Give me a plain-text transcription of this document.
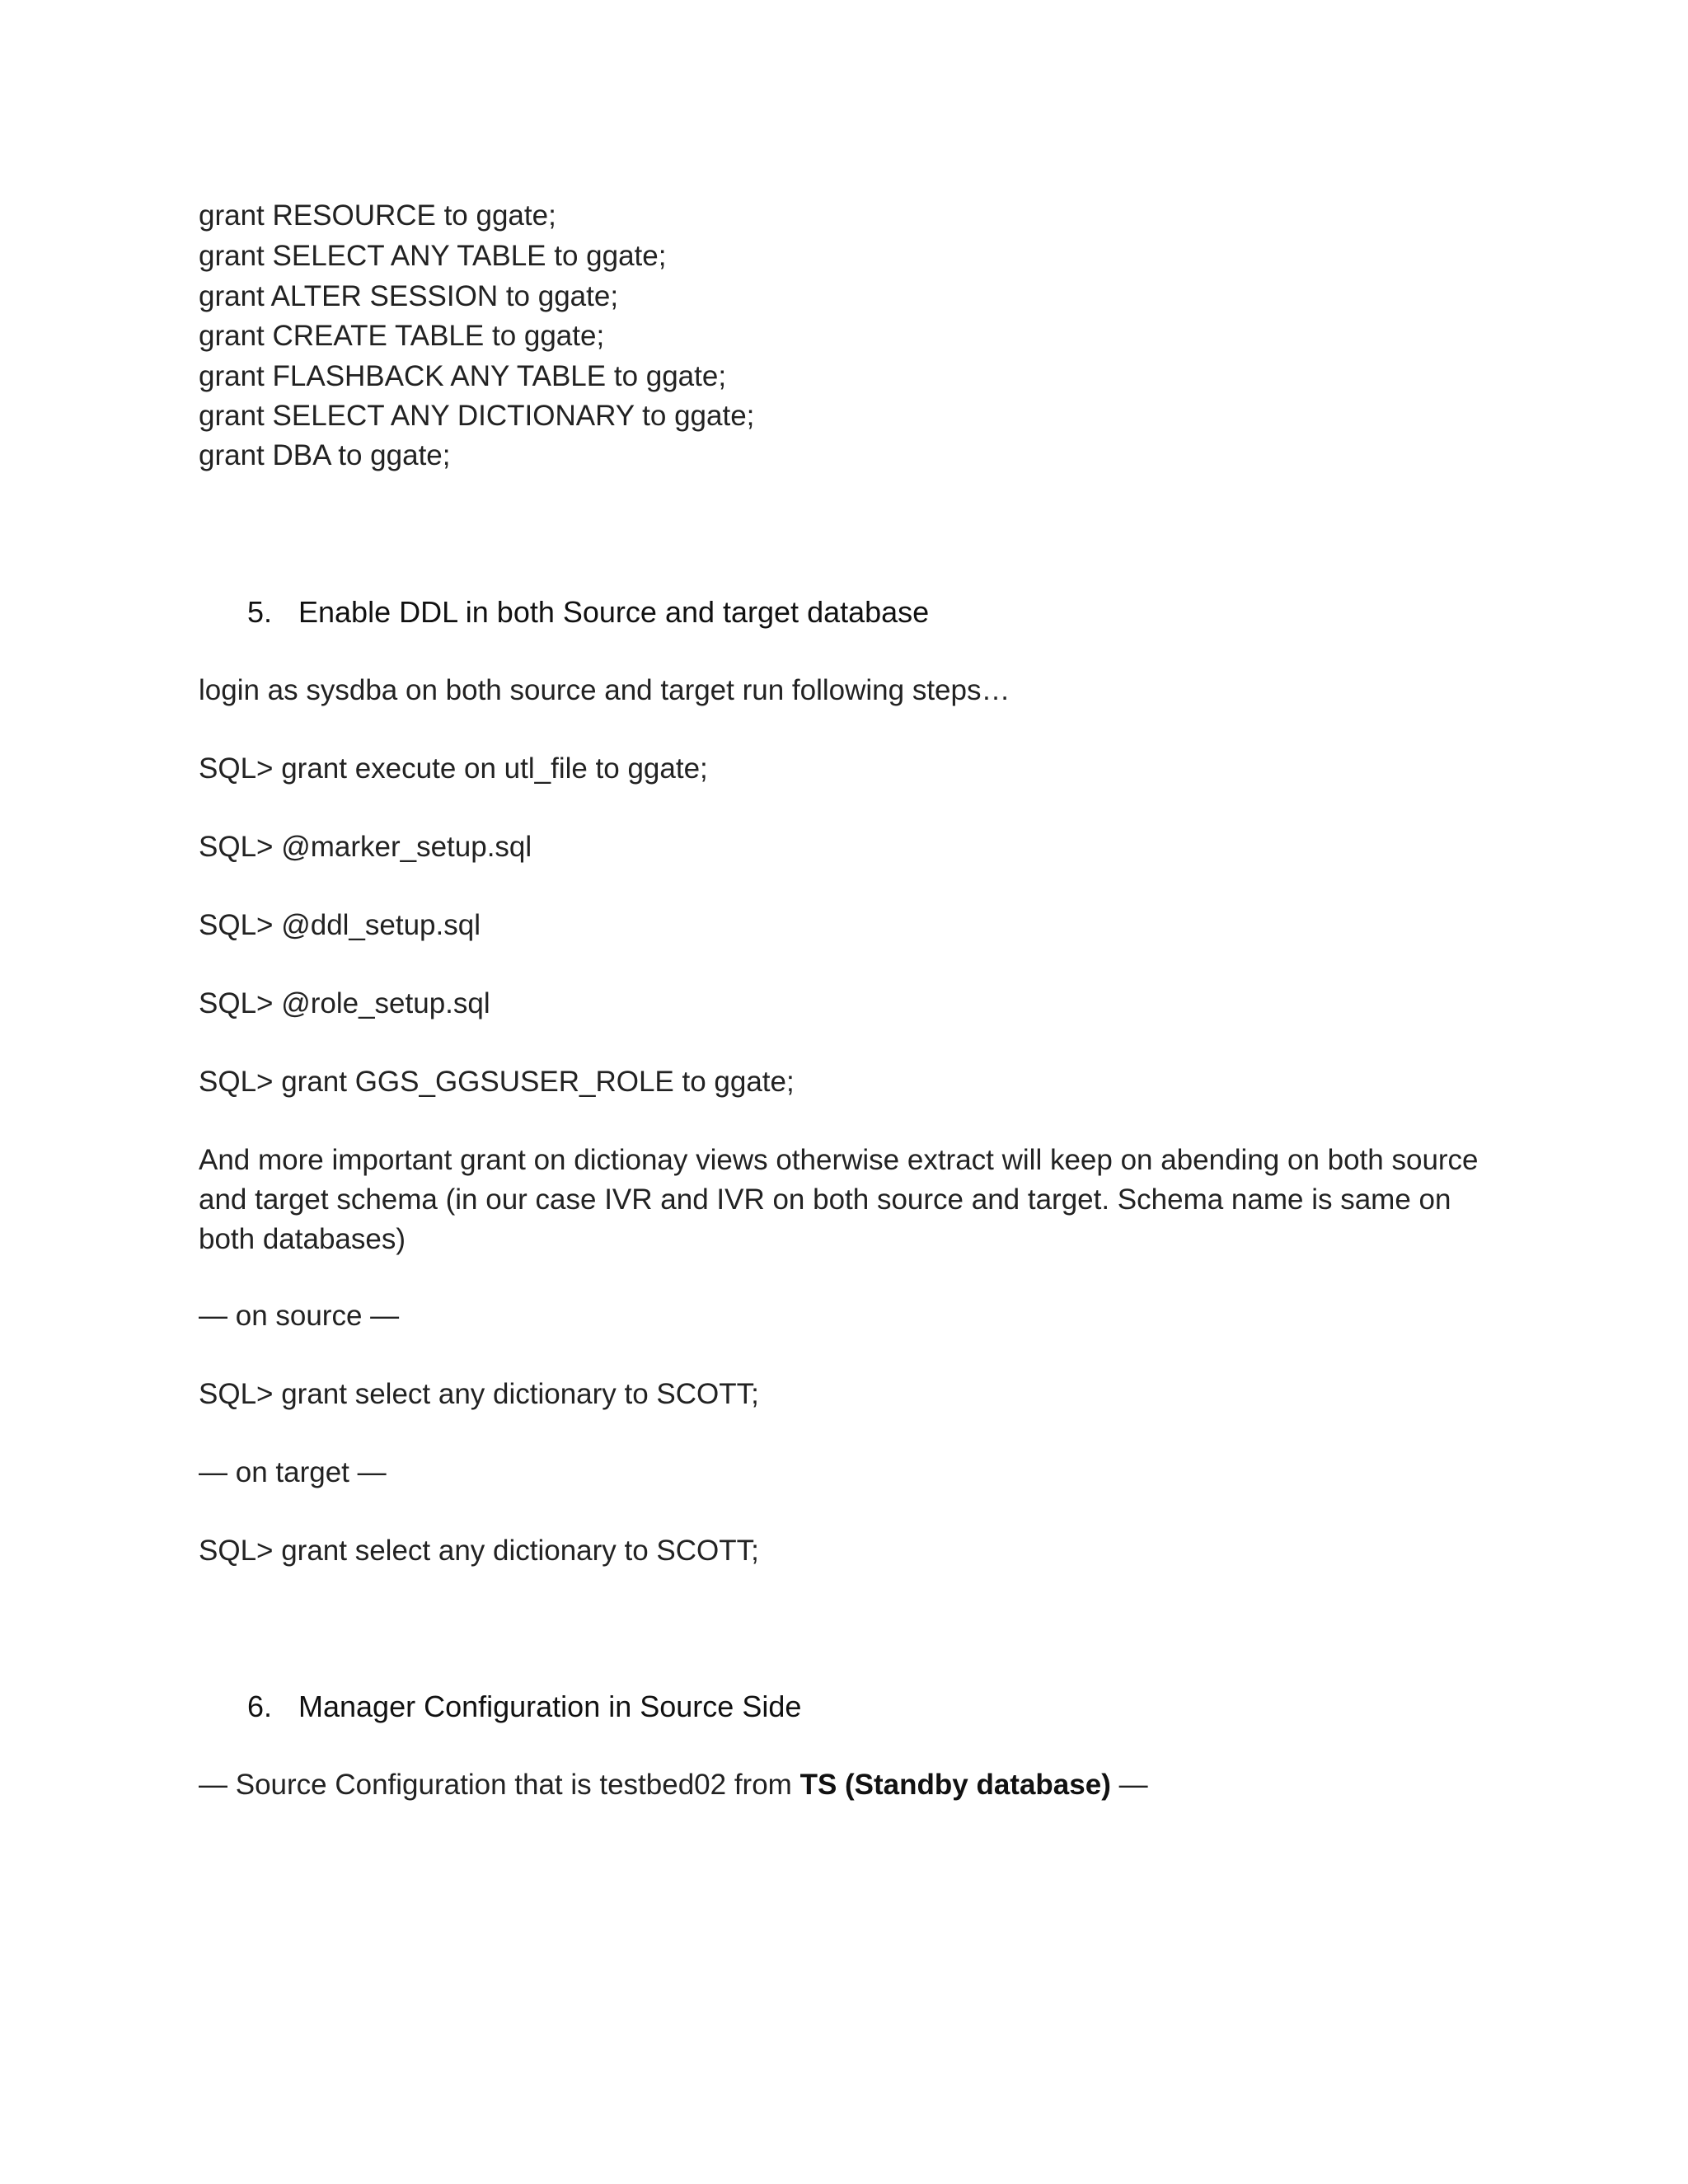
grant RESOURCE to ggate;
grant SELECT ANY TABLE to ggate;
grant ALTER SESSION to ggate;
grant CREATE TABLE to ggate;
grant FLASHBACK ANY TABLE to ggate;
grant SELECT ANY DICTIONARY to ggate;
grant DBA to ggate;
5. Enable DDL in both Source and target database
login as sysdba on both source and target run following steps…
SQL> grant execute on utl_file to ggate;
SQL> @marker_setup.sql
SQL> @ddl_setup.sql
SQL> @role_setup.sql
SQL> grant GGS_GGSUSER_ROLE to ggate;
And more important grant on dictionay views otherwise extract will keep on abending on both source and target schema (in our case IVR and IVR on both source and target. Schema name is same on both databases)
— on source —
SQL> grant select any dictionary to SCOTT;
— on target —
SQL> grant select any dictionary to SCOTT;
6. Manager Configuration in Source Side
— Source Configuration that is testbed02 from TS (Standby database) —
